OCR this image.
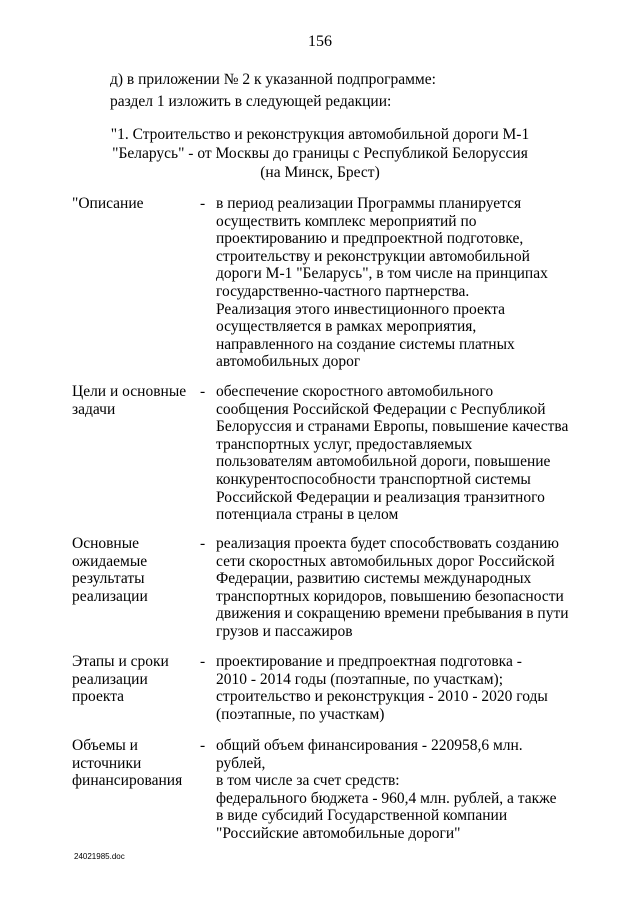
156
д) в приложении № 2 к указанной подпрограмме:
раздел 1 изложить в следующей редакции:
"1. Строительство и реконструкция автомобильной дороги М-1
"Беларусь" - от Москвы до границы с Республикой Белоруссия
(на Минск, Брест)
"Описание	- в период реализации Программы планируется
осуществить комплекс мероприятий по
проектированию и предпроектной подготовке,
строительству и реконструкции автомобильной
дороги М-1 "Беларусь", в том числе на принципах
государственно-частного партнерства.
Реализация этого инвестиционного проекта
осуществляется в рамках мероприятия,
направленного на создание системы платных
автомобильных дорог
Цели и основные
задачи
- обеспечение скоростного автомобильного
сообщения Российской Федерации с Республикой
Белоруссия и странами Европы, повышение качества
транспортных услуг, предоставляемых
пользователям автомобильной дороги, повышение
конкурентоспособности транспортной системы
Российской Федерации и реализация транзитного
потенциала страны в целом
Основные
ожидаемые
результаты
реализации
- реализация проекта будет способствовать созданию
сети скоростных автомобильных дорог Российской
Федерации, развитию системы международных
транспортных коридоров, повышению безопасности
движения и сокращению времени пребывания в пути
грузов и пассажиров
Этапы и сроки
реализации
проекта
- проектирование и предпроектная подготовка -
2010 - 2014 годы (поэтапные, по участкам);
строительство и реконструкция - 2010 - 2020 годы
(поэтапные, по участкам)
Объемы и
источники
финансирования
- общий объем финансирования - 220958,6 млн. рублей,
в том числе за счет средств:
федерального бюджета - 960,4 млн. рублей, а также
в виде субсидий Государственной компании
"Российские автомобильные дороги"
24021985.doc
